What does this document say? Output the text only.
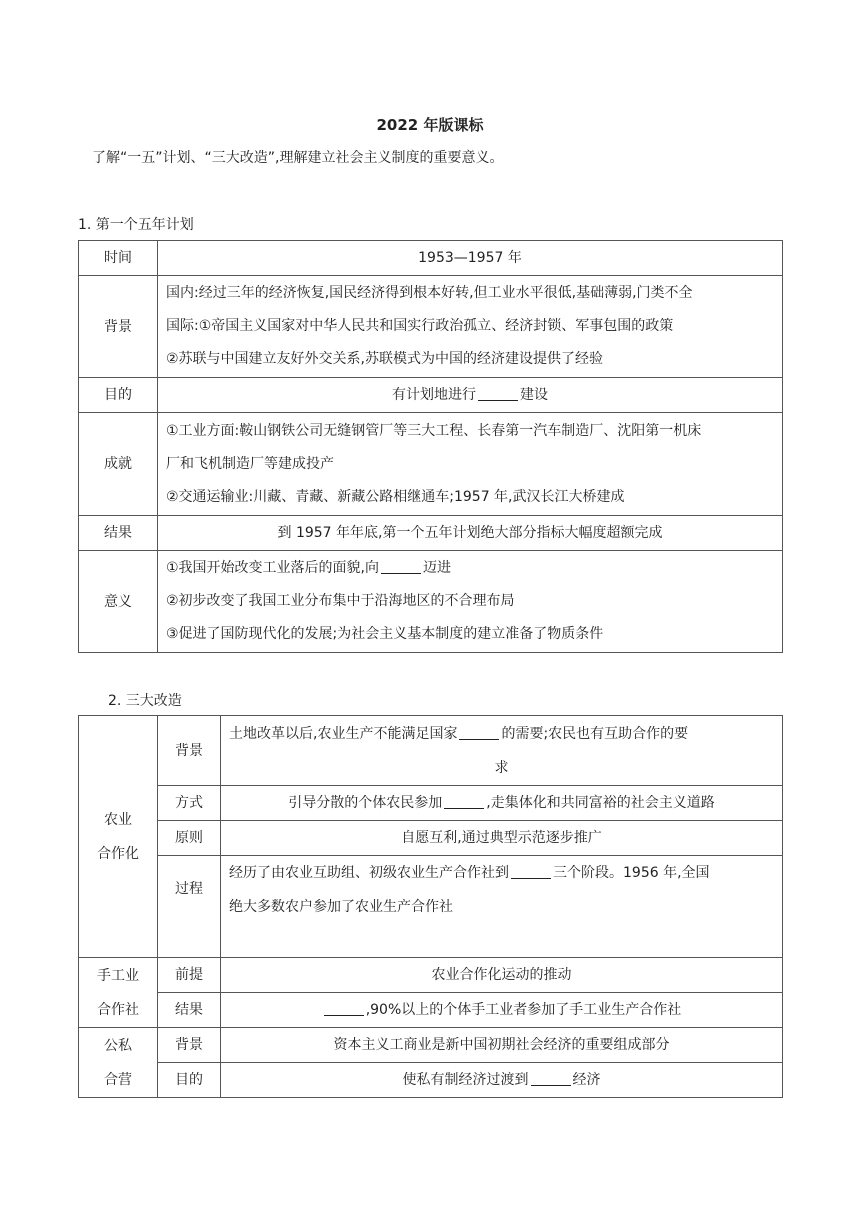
2022 年版课标
了解“一五”计划、“三大改造”,理解建立社会主义制度的重要意义。
1. 第一个五年计划
时间	1953—1957 年
背景	国内:经过三年的经济恢复,国民经济得到根本好转,但工业水平很低,基础薄弱,门类不全
国际:①帝国主义国家对中华人民共和国实行政治孤立、经济封锁、军事包围的政策
②苏联与中国建立友好外交关系,苏联模式为中国的经济建设提供了经验

目的	有计划地进行 建设
成就	①工业方面:鞍山钢铁公司无缝钢管厂等三大工程、长春第一汽车制造厂、沈阳第一机床
厂和飞机制造厂等建成投产
②交通运输业:川藏、青藏、新藏公路相继通车;1957 年,武汉长江大桥建成

结果	到 1957 年年底,第一个五年计划绝大部分指标大幅度超额完成
意义	①我国开始改变工业落后的面貌,向 迈进
②初步改变了我国工业分布集中于沿海地区的不合理布局
③促进了国防现代化的发展;为社会主义基本制度的建立准备了物质条件
2. 三大改造
农业
合作化	背景	土地改革以后,农业生产不能满足国家 的需要;农民也有互助合作的要
求

	方式	引导分散的个体农民参加 ,走集体化和共同富裕的社会主义道路
	原则	自愿互利,通过典型示范逐步推广
	过程	经历了由农业互助组、初级农业生产合作社到 三个阶段。1956 年,全国
绝大多数农户参加了农业生产合作社

手工业
合作社	前提	农业合作化运动的推动
	结果	,90%以上的个体手工业者参加了手工业生产合作社

公私
合营	背景	资本主义工商业是新中国初期社会经济的重要组成部分
	目的	使私有制经济过渡到 经济
